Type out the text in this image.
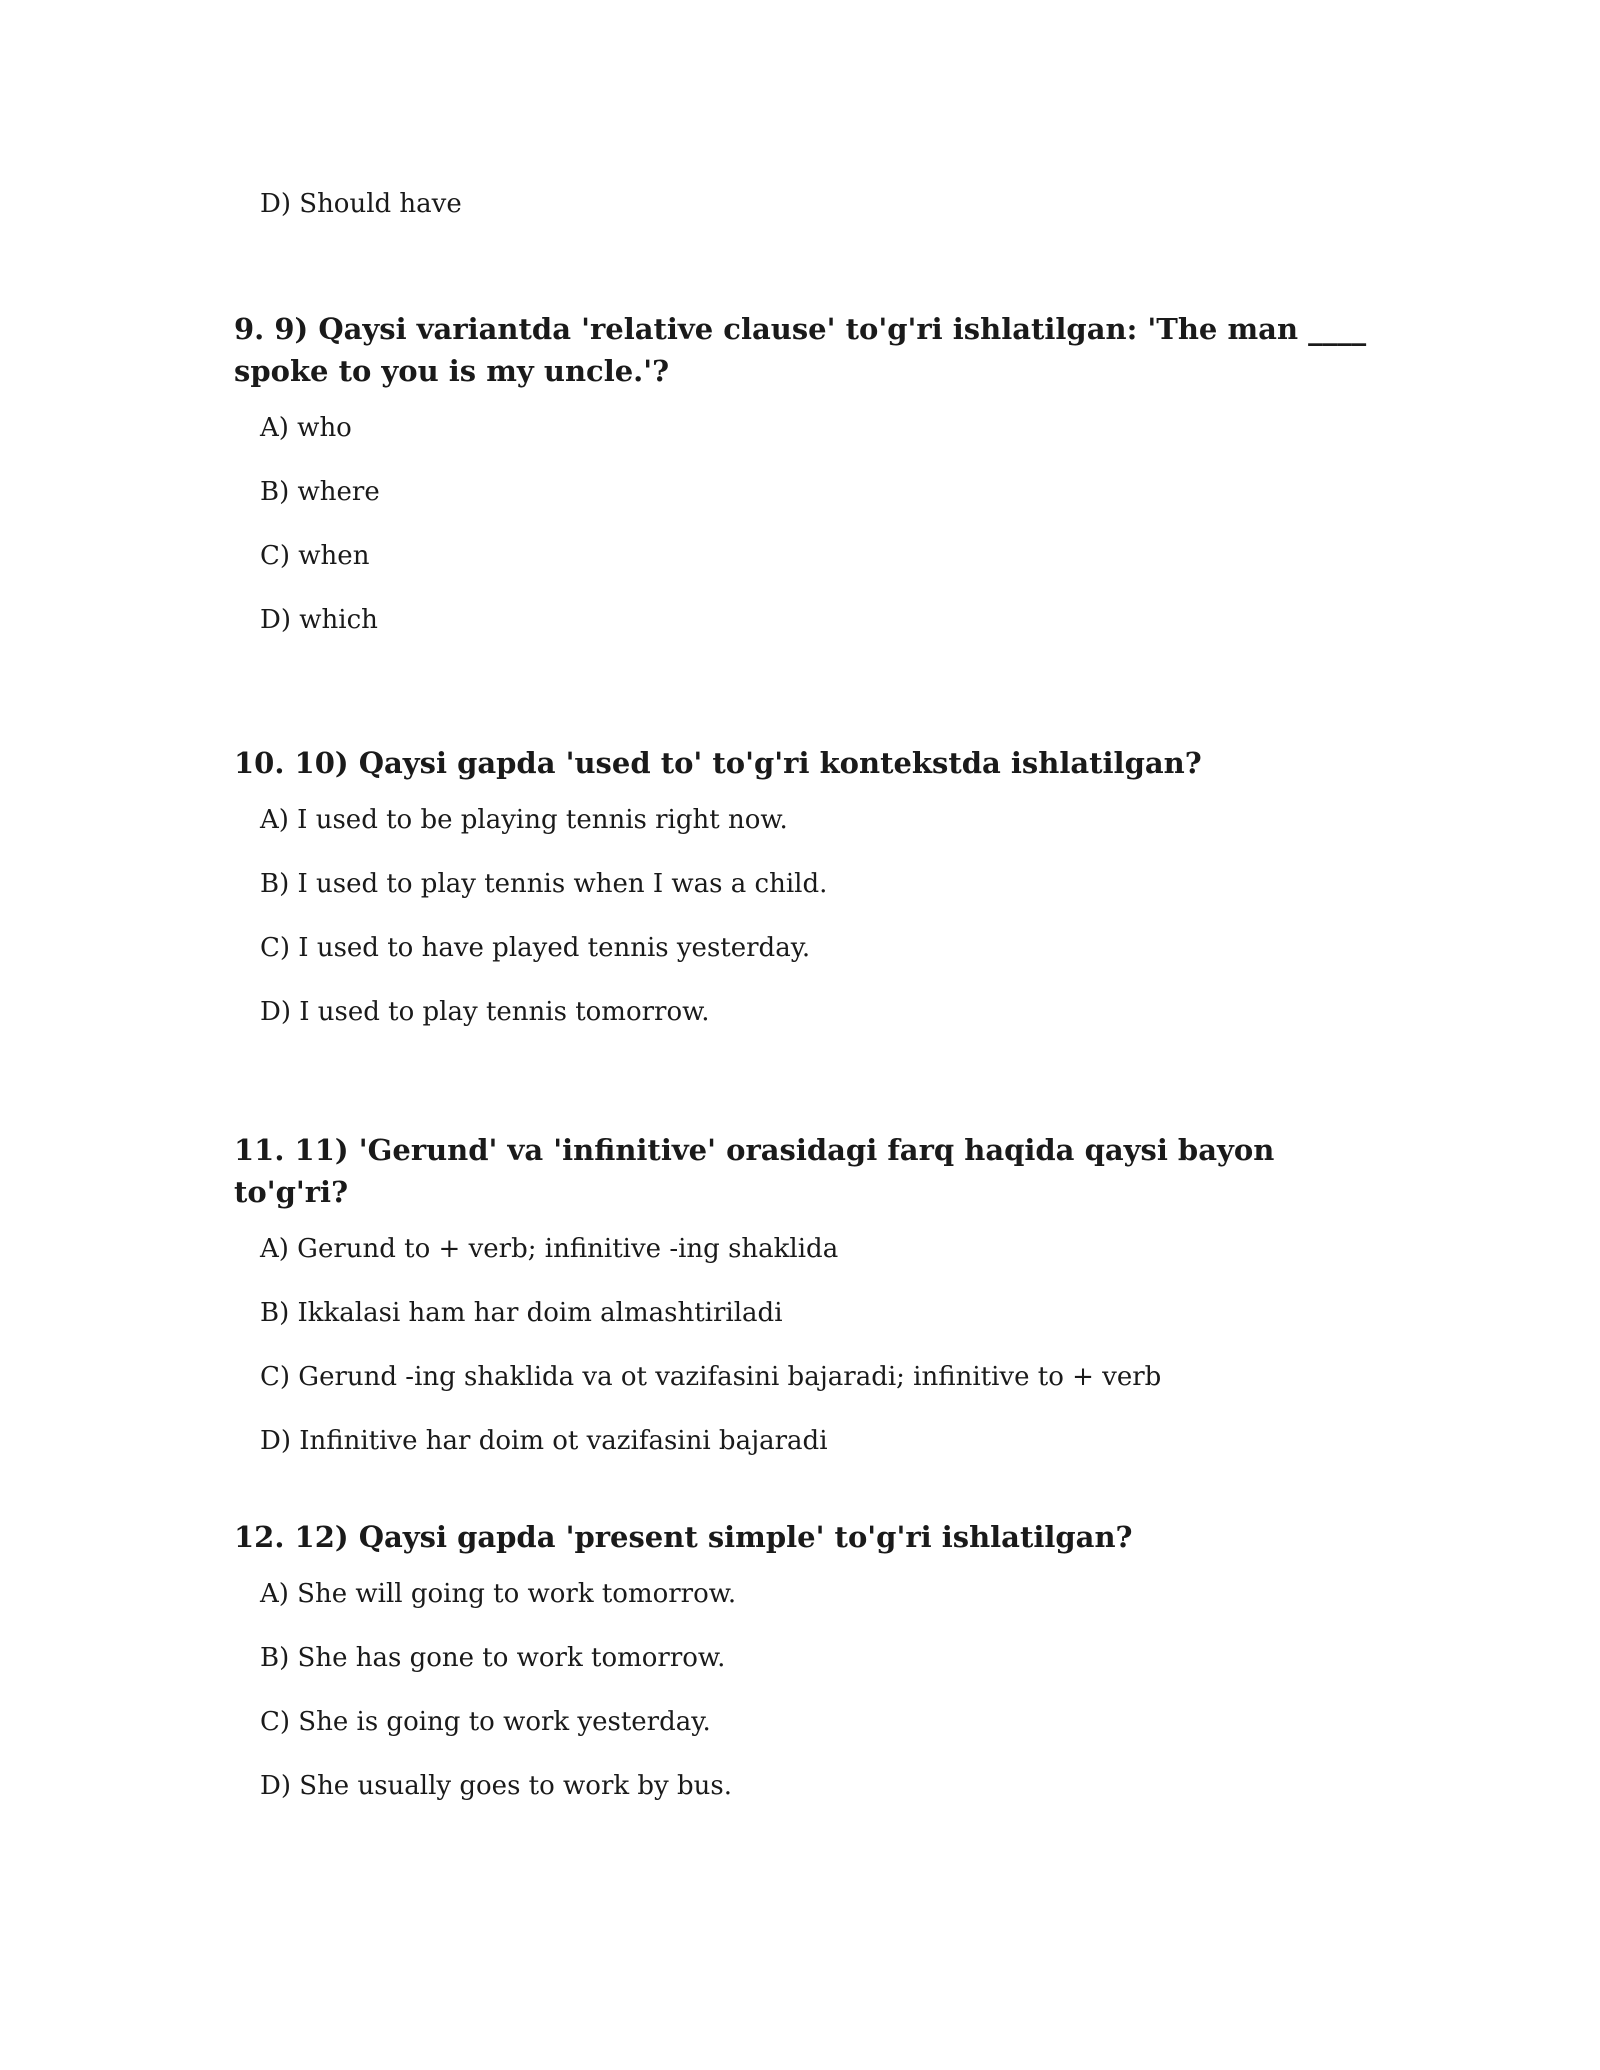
D) Should have

9. 9) Qaysi variantda 'relative clause' to'g'ri ishlatilgan: 'The man ____ spoke to you is my uncle.'?
A) who
B) where
C) when
D) which
10. 10) Qaysi gapda 'used to' to'g'ri kontekstda ishlatilgan?
A) I used to be playing tennis right now.
B) I used to play tennis when I was a child.
C) I used to have played tennis yesterday.
D) I used to play tennis tomorrow.
11. 11) 'Gerund' va 'infinitive' orasidagi farq haqida qaysi bayon to'g'ri?
A) Gerund to + verb; infinitive -ing shaklida
B) Ikkalasi ham har doim almashtiriladi
C) Gerund -ing shaklida va ot vazifasini bajaradi; infinitive to + verb
D) Infinitive har doim ot vazifasini bajaradi
12. 12) Qaysi gapda 'present simple' to'g'ri ishlatilgan?
A) She will going to work tomorrow.
B) She has gone to work tomorrow.
C) She is going to work yesterday.
D) She usually goes to work by bus.
